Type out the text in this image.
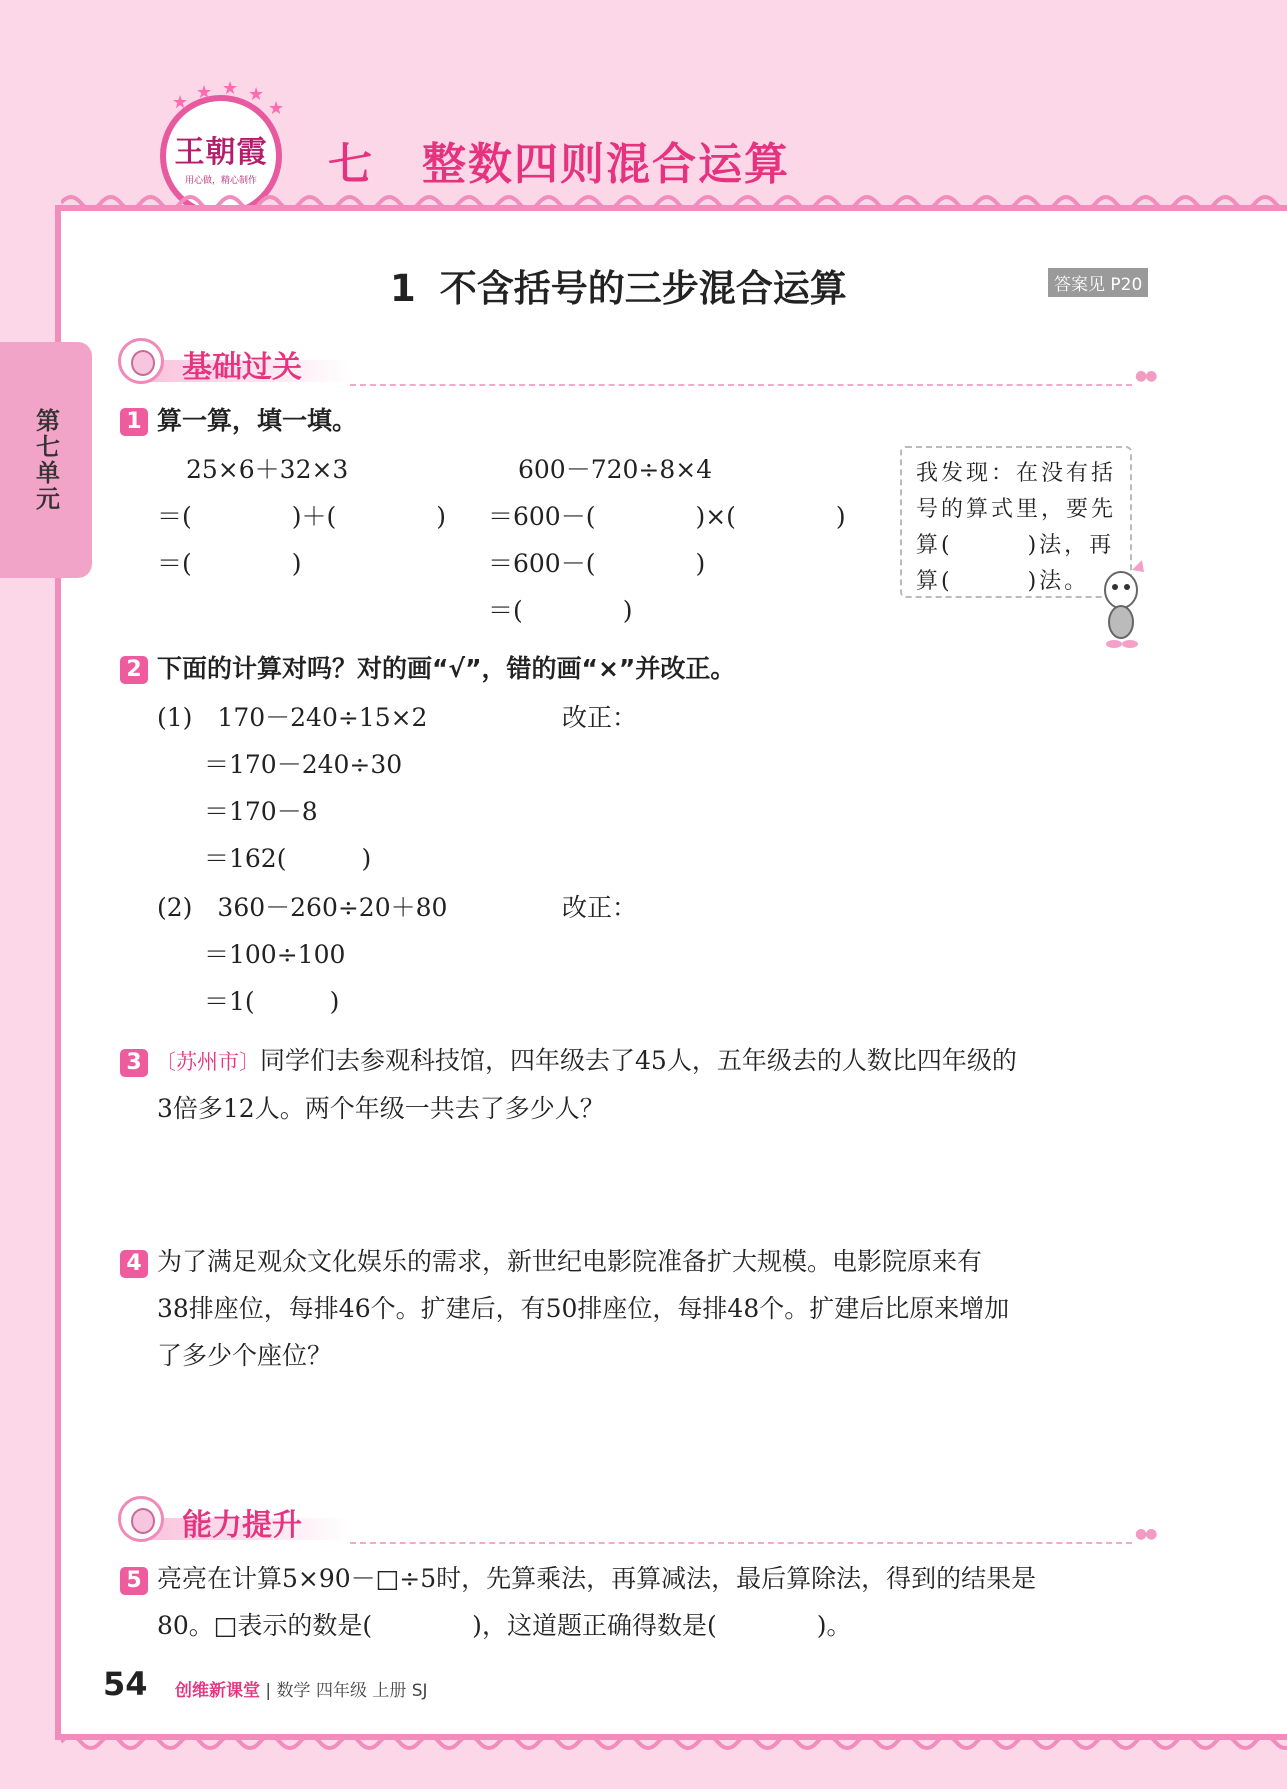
王朝霞
用心做，精心制作
★ ★ ★ ★
★
七 整数四则混合运算
第七单元
1 不含括号的三步混合运算	答案见 P20
基础过关	●●
1 算一算，填一填。
25×6＋32×3
＝(　　　　)＋(　　　　)
＝(　　　　)
600－720÷8×4
＝600－(　　　　)×(　　　　)
＝600－(　　　　)
＝(　　　　)
我发现：在没有括
号的算式里，要先
算(　　　)法，再
算(　　　)法。
2 下面的计算对吗？对的画“√”，错的画“×”并改正。
(1)　170－240÷15×2
＝170－240÷30
＝170－8
＝162(　　　)
改正：
(2)　360－260÷20＋80
＝100÷100
＝1(　　　)
改正：
3 〔苏州市〕同学们去参观科技馆，四年级去了45人，五年级去的人数比四年级的
3倍多12人。两个年级一共去了多少人？
4 为了满足观众文化娱乐的需求，新世纪电影院准备扩大规模。电影院原来有
38排座位，每排46个。扩建后，有50排座位，每排48个。扩建后比原来增加
了多少个座位？
能力提升	●●
5 亮亮在计算5×90－□÷5时，先算乘法，再算减法，最后算除法，得到的结果是
80。□表示的数是(　　　　)，这道题正确得数是(　　　　)。
54 创维新课堂 | 数学 四年级 上册 SJ
